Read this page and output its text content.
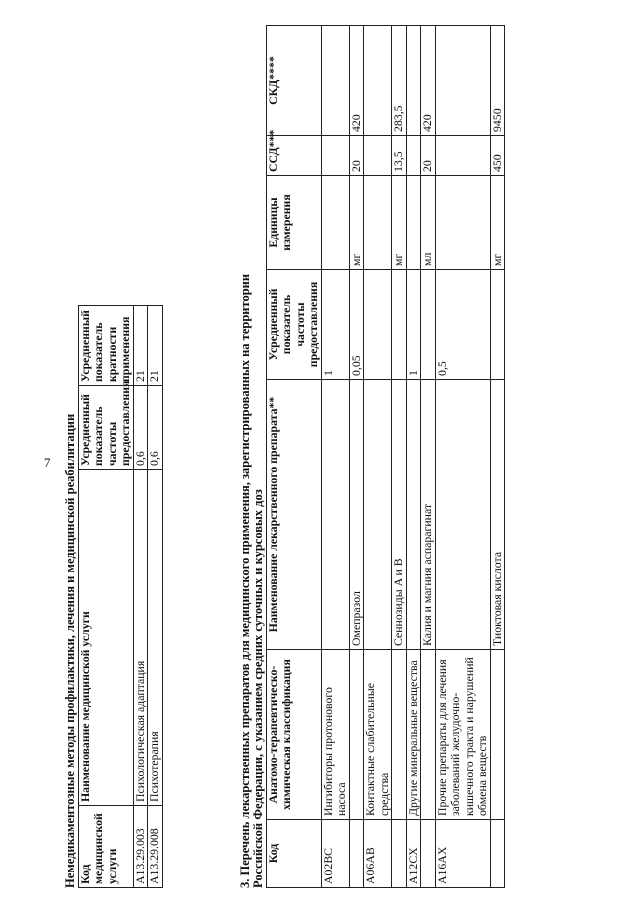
7 Немедикаментозные методы профилактики, лечения и медицинской реабилитации Код медицинской услуги	Наименование медицинской услуги	Усредненный показатель частоты предоставления	Усредненный показатель кратности применения
A13.29.003	Психологическая адаптация	0,6	21
A13.29.008	Психотерапия	0,6	21	3. Перечень лекарственных препаратов для медицинского применения, зарегистрированных на территории
Российской Федерации, с указанием средних суточных и курсовых доз Код	Анатомо-терапевтическо-химическая классификация	Наименование лекарственного препарата**	Усредненный показатель частоты предоставления	Единицы измерения	ССД***	СКД****
A02BC	Ингибиторы протонового насоса		1			
		Омепразол	0,05	мг	20	420
A06AB	Контактные слабительные средства					
		Сеннозиды A и B		мг	13,5	283,5
A12CX	Другие минеральные вещества		1			
		Калия и магния аспарагинат		мл	20	420
A16AX	Прочие препараты для лечения заболеваний желудочно-кишечного тракта и нарушений обмена веществ		0,5			
		Тиоктовая кислота		мг	450	9450
